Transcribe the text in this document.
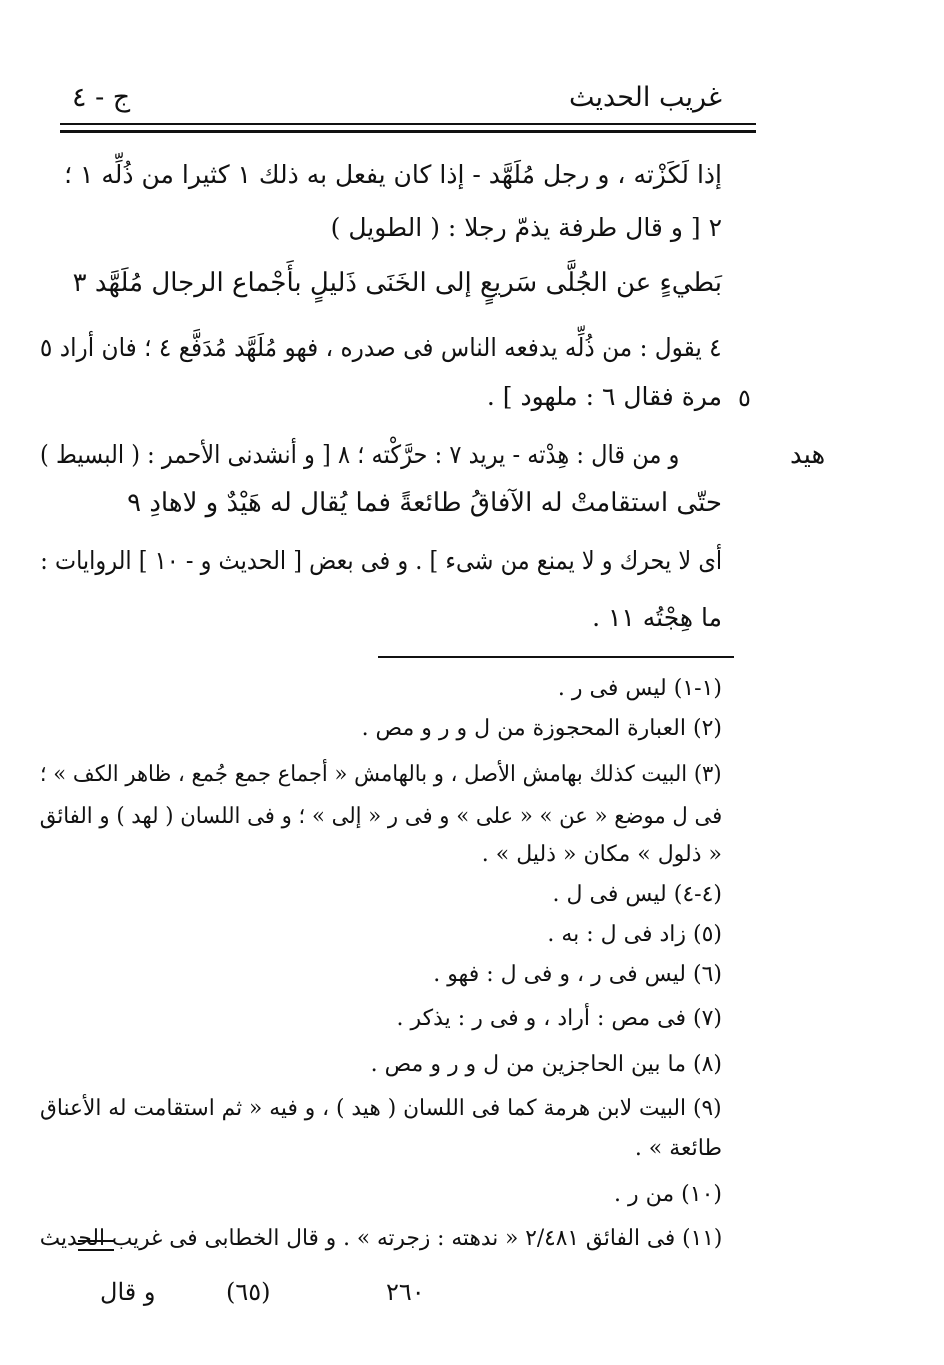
غريب الحديث
ج - ٤
إذا لَكَزْته ، و رجل مُلَهَّد - إذا كان يفعل به ذلك ١ كثيرا من ذُلِّه ١ ؛
٢ [ و قال طرفة يذمّ رجلا : ( الطويل )
بَطيءٍ عن الجُلَّى سَريعٍ إلى الخَنَى ذَليلٍ بأَجْماع الرجال مُلَهَّد ٣
٤ يقول : من ذُلِّه يدفعه الناس فى صدره ، فهو مُلَهَّد مُدَفَّع ٤ ؛ فان أراد ٥
مرة فقال ٦ : ملهود ] . ٥
و من قال : هِدْته - يريد ٧ : حرَّكْته ؛ ٨ [ و أنشدنى الأحمر : ( البسيط )	هيد
حتّى استقامتْ له الآفاقُ طائعةً فما يُقال له هَيْدٌ و لاهادِ ٩
أى لا يحرك و لا يمنع من شىء ] . و فى بعض [ الحديث و - ١٠ ] الروايات :
ما هِجْتُه ١١ .
(١-١) ليس فى ر .
(٢) العبارة المحجوزة من ل و ر و مص .
(٣) البيت كذلك بهامش الأصل ، و بالهامش « أجماع جمع جُمع ، ظاهر الكف » ؛
فى ل موضع « عن » « على » و فى ر « إلى » ؛ و فى اللسان ( لهد ) و الفائق
« ذلول » مكان « ذليل » .
(٤-٤) ليس فى ل .
(٥) زاد فى ل : به .
(٦) ليس فى ر ، و فى ل : فهو .
(٧) فى مص : أراد ، و فى ر : يذكر .
(٨) ما بين الحاجزين من ل و ر و مص .
(٩) البيت لابن هرمة كما فى اللسان ( هيد ) ، و فيه « ثم استقامت له الأعناق
طائعة » .
(١٠) من ر .
(١١) فى الفائق ٢/٤٨١ « ندهته : زجرته » . و قال الخطابى فى غريب الحديث
و قال	(٦٥)	٢٦٠
